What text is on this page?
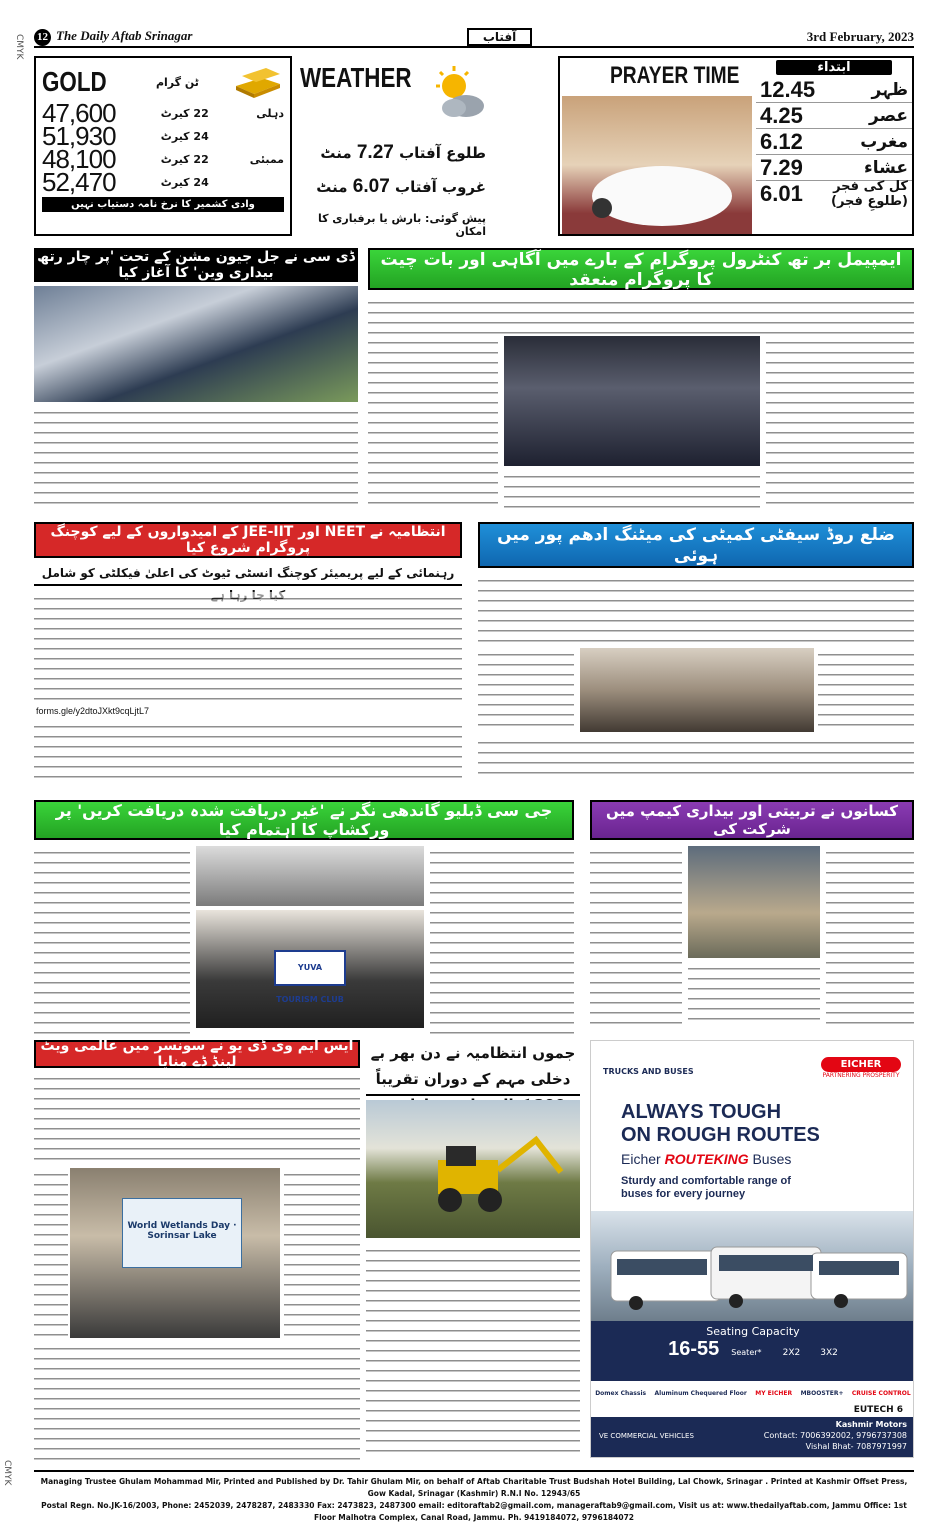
CMYK
CMYK
12 The Daily Aftab Srinagar	آفتاب	3rd February, 2023
GOLD	ٹن گرام
47,600	22 کیرٹ	دہلی
51,930	24 کیرٹ
48,100	22 کیرٹ	ممبئی
52,470	24 کیرٹ
وادی کشمیر کا نرخ نامہ دستیاب نہیں
WEATHER
طلوع آفتاب 7.27 منٹ
غروب آفتاب 6.07 منٹ
پیش گوئی: بارش یا برفباری کا امکان
PRAYER TIME	ابتداء
12.45	ظہر
4.25	عصر
6.12	مغرب
7.29	عشاء
6.01	کل کی فجر (طلوعِ فجر)
ڈی سی نے جل جیون مشن کے تحت 'پر چار رتھ بیداری وین' کا آغاز کیا
ایمپیمل بر تھ کنٹرول پروگرام کے بارے میں آگاہی اور بات چیت کا پروگرام منعقد
انتظامیہ نے NEET اور JEE-IIT کے امیدواروں کے لیے کوچنگ پروگرام شروع کیا
رہنمائی کے لیے پریمیئر کوچنگ انسٹی ٹیوٹ کی اعلیٰ فیکلٹی کو شامل
forms.gle/y2dtoJXkt9cqLjtL7
ضلع روڈ سیفٹی کمیٹی کی میٹنگ ادھم پور میں ہوئی
جی سی ڈبلیو گاندھی نگر نے 'غیر دریافت شدہ دریافت کریں' پر ورکشاپ کا اہتمام کیا
YUVA TOURISM CLUB
کسانوں نے تربیتی اور بیداری کیمپ میں شرکت کی
ایس ایم وی ڈی یو نے سونسر میں عالمی ویٹ لینڈ ڈے منایا
World Wetlands Day · Sorinsar Lake
جموں انتظامیہ نے دن بھر بے دخلی مہم کے دوران تقریباً	TRUCKS AND BUSES
EICHER
PARTNERING PROSPERITY
ALWAYS TOUGH
ON ROUGH ROUTES
Eicher ROUTEKING Buses
Sturdy and comfortable range of buses for every journey
Seating Capacity
16-55 Seater* 2X2 3X2
Domex Chassis Aluminum Chequered Floor MY EICHER MBOOSTER+ CRUISE CONTROL
EUTECH 6
VE COMMERCIAL VEHICLES
Kashmir Motors
Contact: 7006392002, 9796737308
Vishal Bhat- 7087971997
Managing Trustee Ghulam Mohammad Mir, Printed and Published by Dr. Tahir Ghulam Mir, on behalf of Aftab Charitable Trust Budshah Hotel Building, Lal Chowk, Srinagar . Printed at Kashmir Offset Press, Gow Kadal, Srinagar (Kashmir) R.N.I No. 12943/65
Postal Regn. No.JK-16/2003, Phone: 2452039, 2478287, 2483330 Fax: 2473823, 2487300 email: editoraftab2@gmail.com, manageraftab9@gmail.com, Visit us at: www.thedailyaftab.com, Jammu Office: 1st Floor Malhotra Complex, Canal Road, Jammu. Ph. 9419184072, 9796184072
